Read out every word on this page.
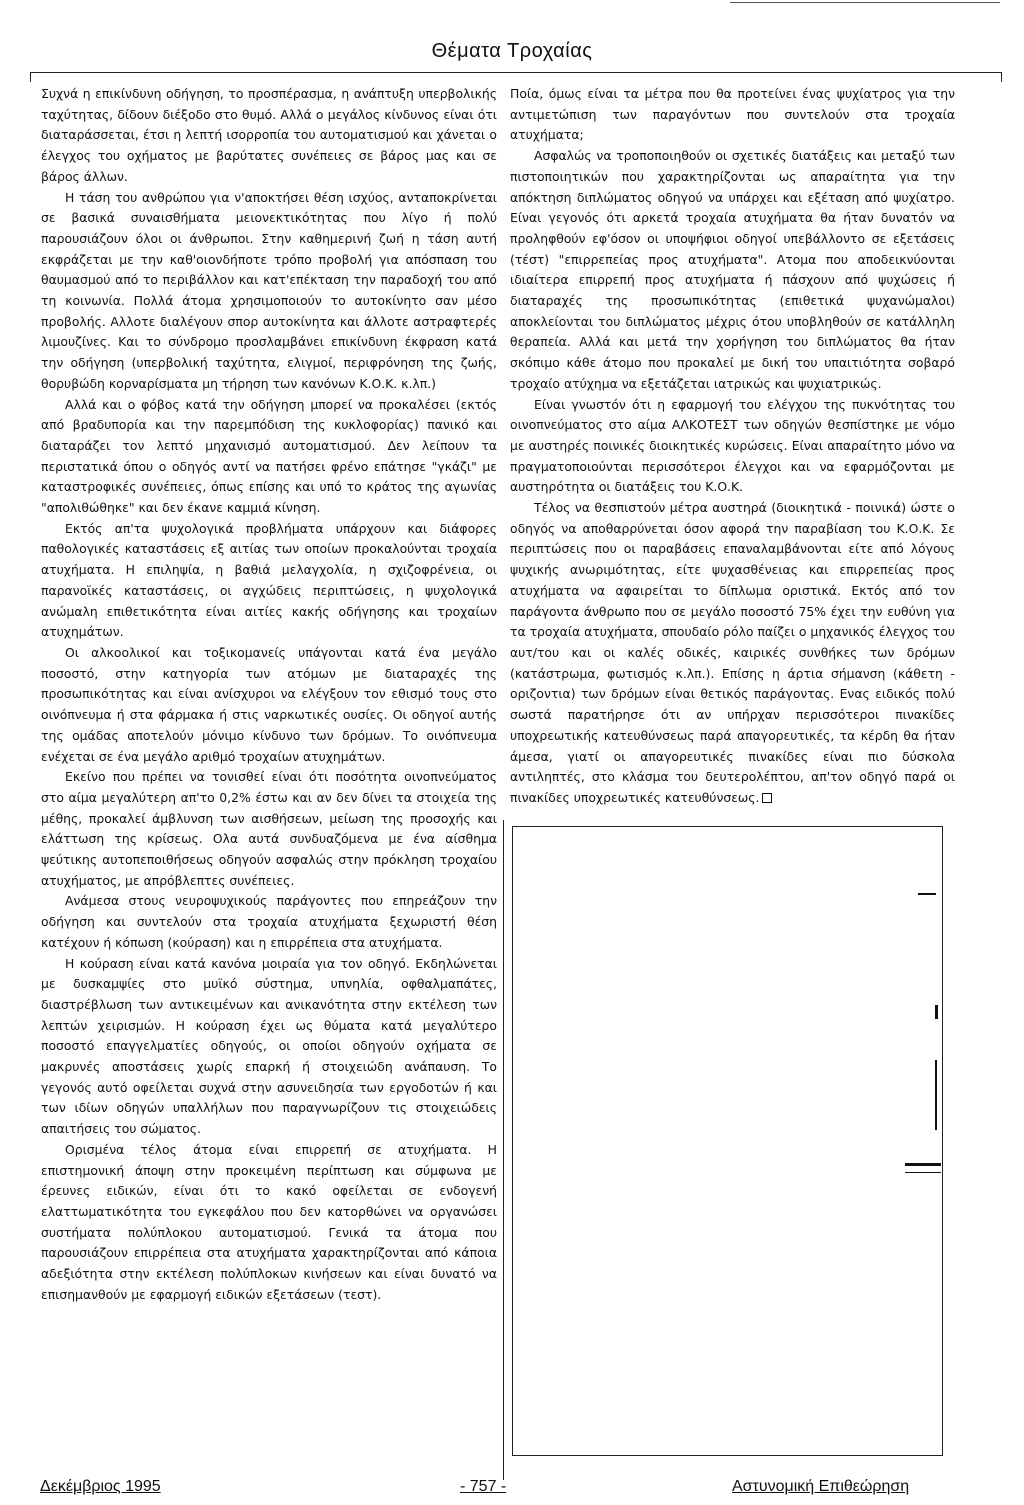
Θέματα Τροχαίας

Συχνά η επικίνδυνη οδήγηση, το προσπέρασμα, η ανάπτυξη υπερβολικής ταχύτητας, δίδουν διέξοδο στο θυμό. Αλλά ο μεγάλος κίνδυνος είναι ότι διαταράσσεται, έτσι η λεπτή ισορροπία του αυτοματισμού και χάνεται ο έλεγχος του οχήματος με βαρύτατες συνέπειες σε βάρος μας και σε βάρος άλλων.

Η τάση του ανθρώπου για ν'αποκτήσει θέση ισχύος, ανταποκρίνεται σε βασικά συναισθήματα μειονεκτικότητας που λίγο ή πολύ παρουσιάζουν όλοι οι άνθρωποι. Στην καθημερινή ζωή η τάση αυτή εκφράζεται με την καθ'οιονδήποτε τρόπο προβολή για απόσπαση του θαυμασμού από το περιβάλλον και κατ'επέκταση την παραδοχή του από τη κοινωνία. Πολλά άτομα χρησιμοποιούν το αυτοκίνητο σαν μέσο προβολής. Αλλοτε διαλέγουν σπορ αυτοκίνητα και άλλοτε αστραφτερές λιμουζίνες. Και το σύνδρομο προσλαμβάνει επικίνδυνη έκφραση κατά την οδήγηση (υπερβολική ταχύτητα, ελιγμοί, περιφρόνηση της ζωής, θορυβώδη κορναρίσματα μη τήρηση των κανόνων Κ.Ο.Κ. κ.λπ.)

Αλλά και ο φόβος κατά την οδήγηση μπορεί να προκαλέσει (εκτός από βραδυπορία και την παρεμπόδιση της κυκλοφορίας) πανικό και διαταράζει τον λεπτό μηχανισμό αυτοματισμού. Δεν λείπουν τα περιστατικά όπου ο οδηγός αντί να πατήσει φρένο επάτησε "γκάζι" με καταστροφικές συνέπειες, όπως επίσης και υπό το κράτος της αγωνίας "απολιθώθηκε" και δεν έκανε καμμιά κίνηση.

Εκτός απ'τα ψυχολογικά προβλήματα υπάρχουν και διάφορες παθολογικές καταστάσεις εξ αιτίας των οποίων προκαλούνται τροχαία ατυχήματα. Η επιληψία, η βαθιά μελαγχολία, η σχιζοφρένεια, οι παρανοϊκές καταστάσεις, οι αγχώδεις περιπτώσεις, η ψυχολογικά ανώμαλη επιθετικότητα είναι αιτίες κακής οδήγησης και τροχαίων ατυχημάτων.

Οι αλκοολικοί και τοξικομανείς υπάγονται κατά ένα μεγάλο ποσοστό, στην κατηγορία των ατόμων με διαταραχές της προσωπικότητας και είναι ανίσχυροι να ελέγξουν τον εθισμό τους στο οινόπνευμα ή στα φάρμακα ή στις ναρκωτικές ουσίες. Οι οδηγοί αυτής της ομάδας αποτελούν μόνιμο κίνδυνο των δρόμων. Το οινόπνευμα ενέχεται σε ένα μεγάλο αριθμό τροχαίων ατυχημάτων.

Εκείνο που πρέπει να τονισθεί είναι ότι ποσότητα οινοπνεύματος στο αίμα μεγαλύτερη απ'το 0,2% έστω και αν δεν δίνει τα στοιχεία της μέθης, προκαλεί άμβλυνση των αισθήσεων, μείωση της προσοχής και ελάττωση της κρίσεως. Ολα αυτά συνδυαζόμενα με ένα αίσθημα ψεύτικης αυτοπεποιθήσεως οδηγούν ασφαλώς στην πρόκληση τροχαίου ατυχήματος, με απρόβλεπτες συνέπειες.

Ανάμεσα στους νευροψυχικούς παράγοντες που επηρεάζουν την οδήγηση και συντελούν στα τροχαία ατυχήματα ξεχωριστή θέση κατέχουν ή κόπωση (κούραση) και η επιρρέπεια στα ατυχήματα.

Η κούραση είναι κατά κανόνα μοιραία για τον οδηγό. Εκδηλώνεται με δυσκαμψίες στο μυϊκό σύστημα, υπνηλία, οφθαλμαπάτες, διαστρέβλωση των αντικειμένων και ανικανότητα στην εκτέλεση των λεπτών χειρισμών. Η κούραση έχει ως θύματα κατά μεγαλύτερο ποσοστό επαγγελματίες οδηγούς, οι οποίοι οδηγούν οχήματα σε μακρυνές αποστάσεις χωρίς επαρκή ή στοιχειώδη ανάπαυση. Το γεγονός αυτό οφείλεται συχνά στην ασυνειδησία των εργοδοτών ή και των ιδίων οδηγών υπαλλήλων που παραγνωρίζουν τις στοιχειώδεις απαιτήσεις του σώματος.

Ορισμένα τέλος άτομα είναι επιρρεπή σε ατυχήματα. Η επιστημονική άποψη στην προκειμένη περίπτωση και σύμφωνα με έρευνες ειδικών, είναι ότι το κακό οφείλεται σε ενδογενή ελαττωματικότητα του εγκεφάλου που δεν κατορθώνει να οργανώσει συστήματα πολύπλοκου αυτοματισμού. Γενικά τα άτομα που παρουσιάζουν επιρρέπεια στα ατυχήματα χαρακτηρίζονται από κάποια αδεξιότητα στην εκτέλεση πολύπλοκων κινήσεων και είναι δυνατό να επισημανθούν με εφαρμογή ειδικών εξετάσεων (τεστ).

Ποία, όμως είναι τα μέτρα που θα προτείνει ένας ψυχίατρος για την αντιμετώπιση των παραγόντων που συντελούν στα τροχαία ατυχήματα;

Ασφαλώς να τροποποιηθούν οι σχετικές διατάξεις και μεταξύ των πιστοποιητικών που χαρακτηρίζονται ως απαραίτητα για την απόκτηση διπλώματος οδηγού να υπάρχει και εξέταση από ψυχίατρο. Είναι γεγονός ότι αρκετά τροχαία ατυχήματα θα ήταν δυνατόν να προληφθούν εφ'όσον οι υποψήφιοι οδηγοί υπεβάλλοντο σε εξετάσεις (τέστ) "επιρρεπείας προς ατυχήματα". Ατομα που αποδεικνύονται ιδιαίτερα επιρρεπή προς ατυχήματα ή πάσχουν από ψυχώσεις ή διαταραχές της προσωπικότητας (επιθετικά ψυχανώμαλοι) αποκλείονται του διπλώματος μέχρις ότου υποβληθούν σε κατάλληλη θεραπεία. Αλλά και μετά την χορήγηση του διπλώματος θα ήταν σκόπιμο κάθε άτομο που προκαλεί με δική του υπαιτιότητα σοβαρό τροχαίο ατύχημα να εξετάζεται ιατρικώς και ψυχιατρικώς.

Είναι γνωστόν ότι η εφαρμογή του ελέγχου της πυκνότητας του οινοπνεύματος στο αίμα ΑΛΚΟΤΕΣΤ των οδηγών θεσπίστηκε με νόμο με αυστηρές ποινικές διοικητικές κυρώσεις. Είναι απαραίτητο μόνο να πραγματοποιούνται περισσότεροι έλεγχοι και να εφαρμόζονται με αυστηρότητα οι διατάξεις του Κ.Ο.Κ.

Τέλος να θεσπιστούν μέτρα αυστηρά (διοικητικά - ποινικά) ώστε ο οδηγός να αποθαρρύνεται όσον αφορά την παραβίαση του Κ.Ο.Κ. Σε περιπτώσεις που οι παραβάσεις επαναλαμβάνονται είτε από λόγους ψυχικής ανωριμότητας, είτε ψυχασθένειας και επιρρεπείας προς ατυχήματα να αφαιρείται το δίπλωμα οριστικά. Εκτός από τον παράγοντα άνθρωπο που σε μεγάλο ποσοστό 75% έχει την ευθύνη για τα τροχαία ατυχήματα, σπουδαίο ρόλο παίζει ο μηχανικός έλεγχος του αυτ/του και οι καλές οδικές, καιρικές συνθήκες των δρόμων (κατάστρωμα, φωτισμός κ.λπ.). Επίσης η άρτια σήμανση (κάθετη - οριζοντια) των δρόμων είναι θετικός παράγοντας. Ενας ειδικός πολύ σωστά παρατήρησε ότι αν υπήρχαν περισσότεροι πινακίδες υποχρεωτικής κατευθύνσεως παρά απαγορευτικές, τα κέρδη θα ήταν άμεσα, γιατί οι απαγορευτικές πινακίδες είναι πιο δύσκολα αντιληπτές, στο κλάσμα του δευτερολέπτου, απ'τον οδηγό παρά οι πινακίδες υποχρεωτικές κατευθύνσεως.

Δεκέμβριος 1995	- 757 -	Αστυνομική Επιθεώρηση
